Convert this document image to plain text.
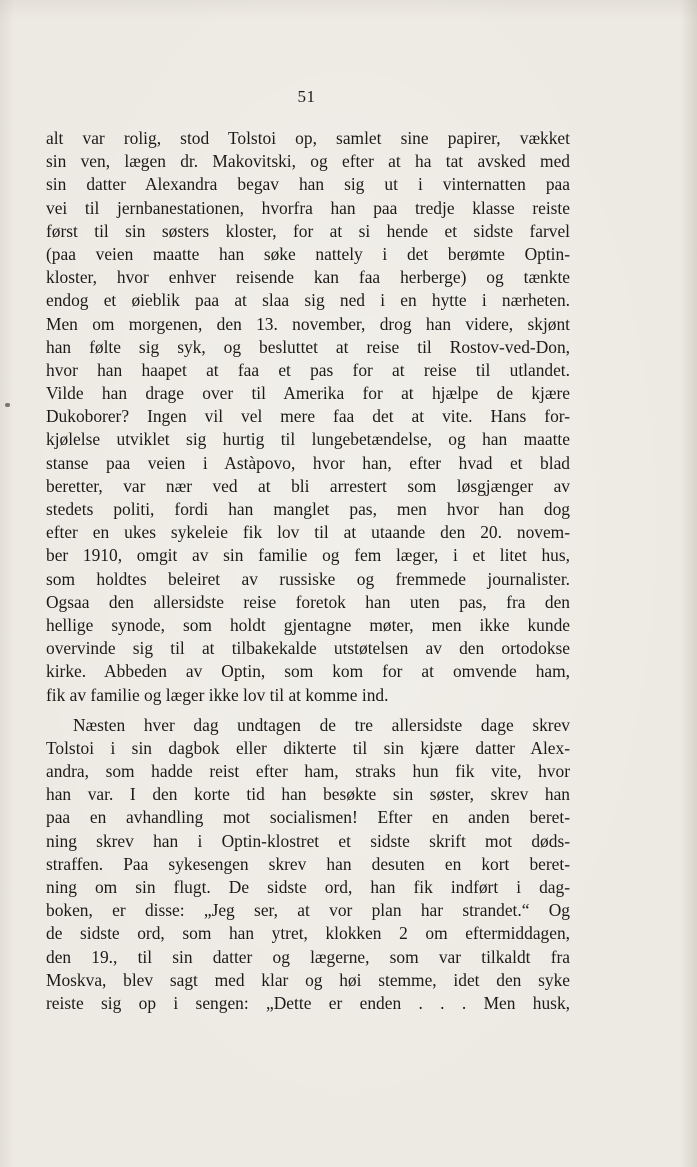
51
alt var rolig, stod Tolstoi op, samlet sine papirer, vækket
sin ven, lægen dr. Makovitski, og efter at ha tat avsked med
sin datter Alexandra begav han sig ut i vinternatten paa
vei til jernbanestationen, hvorfra han paa tredje klasse reiste
først til sin søsters kloster, for at si hende et sidste farvel
(paa veien maatte han søke nattely i det berømte Optin-
kloster, hvor enhver reisende kan faa herberge) og tænkte
endog et øieblik paa at slaa sig ned i en hytte i nærheten.
Men om morgenen, den 13. november, drog han videre, skjønt
han følte sig syk, og besluttet at reise til Rostov-ved-Don,
hvor han haapet at faa et pas for at reise til utlandet.
Vilde han drage over til Amerika for at hjælpe de kjære
Dukoborer? Ingen vil vel mere faa det at vite. Hans for-
kjølelse utviklet sig hurtig til lungebetændelse, og han maatte
stanse paa veien i Astàpovo, hvor han, efter hvad et blad
beretter, var nær ved at bli arrestert som løsgjænger av
stedets politi, fordi han manglet pas, men hvor han dog
efter en ukes sykeleie fik lov til at utaande den 20. novem-
ber 1910, omgit av sin familie og fem læger, i et litet hus,
som holdtes beleiret av russiske og fremmede journalister.
Ogsaa den allersidste reise foretok han uten pas, fra den
hellige synode, som holdt gjentagne møter, men ikke kunde
overvinde sig til at tilbakekalde utstøtelsen av den ortodokse
kirke. Abbeden av Optin, som kom for at omvende ham,
fik av familie og læger ikke lov til at komme ind.
Næsten hver dag undtagen de tre allersidste dage skrev
Tolstoi i sin dagbok eller dikterte til sin kjære datter Alex-
andra, som hadde reist efter ham, straks hun fik vite, hvor
han var. I den korte tid han besøkte sin søster, skrev han
paa en avhandling mot socialismen! Efter en anden beret-
ning skrev han i Optin-klostret et sidste skrift mot døds-
straffen. Paa sykesengen skrev han desuten en kort beret-
ning om sin flugt. De sidste ord, han fik indført i dag-
boken, er disse: „Jeg ser, at vor plan har strandet.“ Og
de sidste ord, som han ytret, klokken 2 om eftermiddagen,
den 19., til sin datter og lægerne, som var tilkaldt fra
Moskva, blev sagt med klar og høi stemme, idet den syke
reiste sig op i sengen: „Dette er enden . . . Men husk,
